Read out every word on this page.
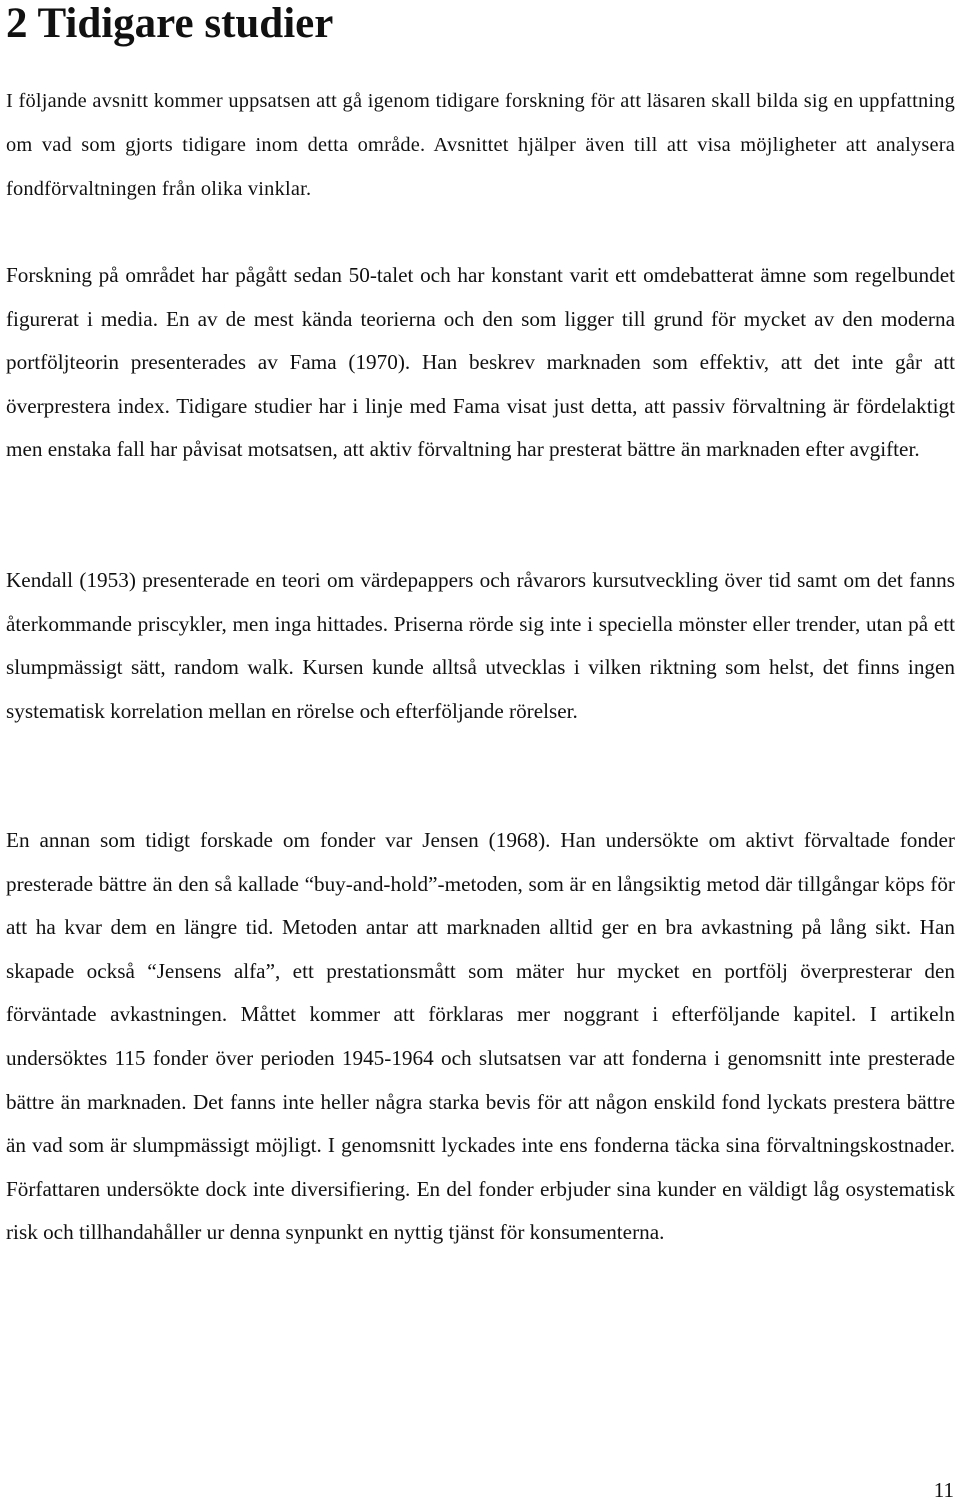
2 Tidigare studier

I följande avsnitt kommer uppsatsen att gå igenom tidigare forskning för att läsaren skall bilda sig en uppfattning om vad som gjorts tidigare inom detta område. Avsnittet hjälper även till att visa möjligheter att analysera fondförvaltningen från olika vinklar.

Forskning på området har pågått sedan 50-talet och har konstant varit ett omdebatterat ämne som regelbundet figurerat i media. En av de mest kända teorierna och den som ligger till grund för mycket av den moderna portföljteorin presenterades av Fama (1970). Han beskrev marknaden som effektiv, att det inte går att överprestera index. Tidigare studier har i linje med Fama visat just detta, att passiv förvaltning är fördelaktigt men enstaka fall har påvisat motsatsen, att aktiv förvaltning har presterat bättre än marknaden efter avgifter.

Kendall (1953) presenterade en teori om värdepappers och råvarors kursutveckling över tid samt om det fanns återkommande priscykler, men inga hittades. Priserna rörde sig inte i speciella mönster eller trender, utan på ett slumpmässigt sätt, random walk. Kursen kunde alltså utvecklas i vilken riktning som helst, det finns ingen systematisk korrelation mellan en rörelse och efterföljande rörelser.

En annan som tidigt forskade om fonder var Jensen (1968). Han undersökte om aktivt förvaltade fonder presterade bättre än den så kallade “buy-and-hold”-metoden, som är en långsiktig metod där tillgångar köps för att ha kvar dem en längre tid. Metoden antar att marknaden alltid ger en bra avkastning på lång sikt. Han skapade också “Jensens alfa”, ett prestationsmått som mäter hur mycket en portfölj överpresterar den förväntade avkastningen. Måttet kommer att förklaras mer noggrant i efterföljande kapitel. I artikeln undersöktes 115 fonder över perioden 1945-1964 och slutsatsen var att fonderna i genomsnitt inte presterade bättre än marknaden. Det fanns inte heller några starka bevis för att någon enskild fond lyckats prestera bättre än vad som är slumpmässigt möjligt. I genomsnitt lyckades inte ens fonderna täcka sina förvaltningskostnader. Författaren undersökte dock inte diversifiering. En del fonder erbjuder sina kunder en väldigt låg osystematisk risk och tillhandahåller ur denna synpunkt en nyttig tjänst för konsumenterna.

11
